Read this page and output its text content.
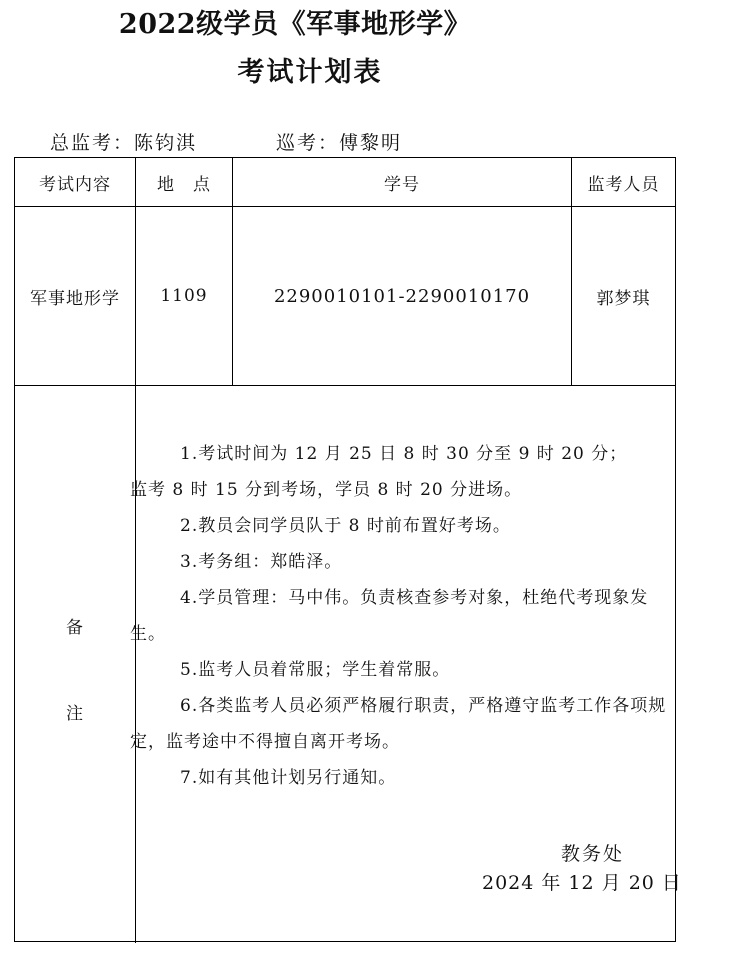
2022级学员《军事地形学》
考试计划表
总监考：陈钧淇	巡考：傅黎明
考试内容	地　点	学号	监考人员
军事地形学	1109	2290010101-2290010170	郭梦琪
备
注

1.考试时间为 12 月 25 日 8 时 30 分至 9 时 20 分；

监考 8 时 15 分到考场，学员 8 时 20 分进场。

2.教员会同学员队于 8 时前布置好考场。

3.考务组：郑皓泽。

4.学员管理：马中伟。负责核查参考对象，杜绝代考现象发生。

5.监考人员着常服；学生着常服。

6.各类监考人员必须严格履行职责，严格遵守监考工作各项规定，监考途中不得擅自离开考场。

7.如有其他计划另行通知。

教务处
2024 年 12 月 20 日
